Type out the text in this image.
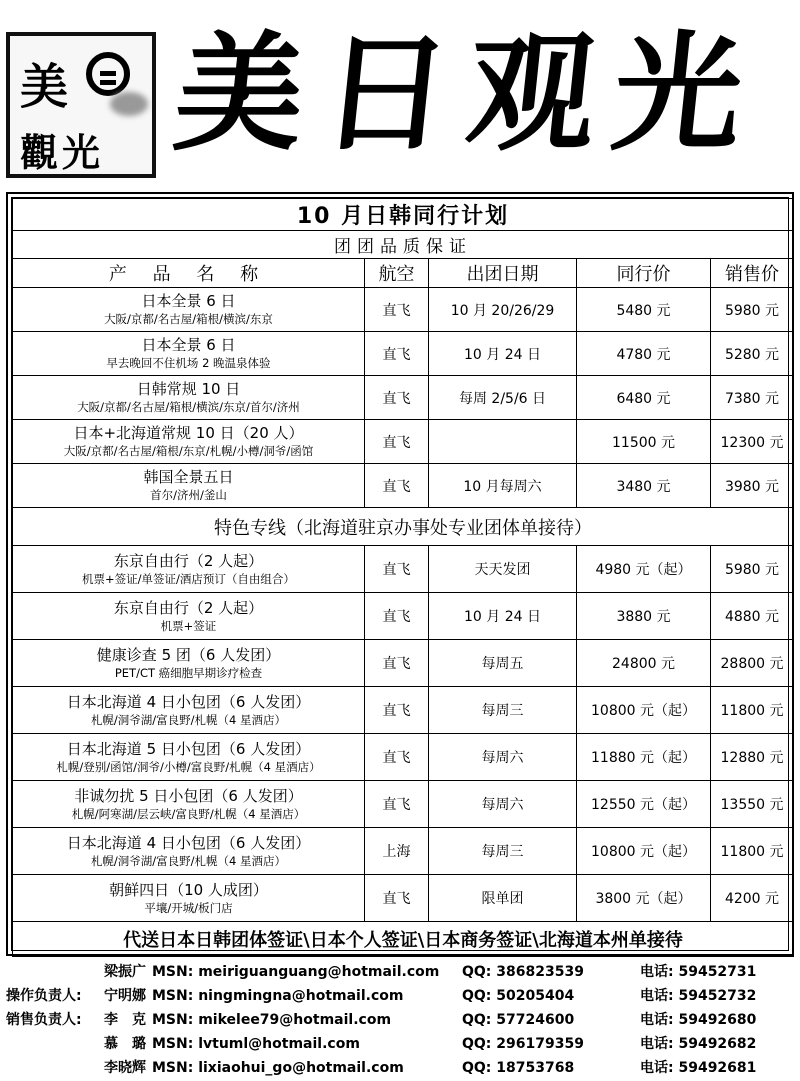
美
觀光 美日观光
10 月日韩同行计划				
团团品质保证				
产 品 名 称	航空	出团日期	同行价	销售价

日本全景 6 日
大阪/京都/名古屋/箱根/横滨/东京	直飞	10 月 20/26/29	5480 元	5980 元

日本全景 6 日
早去晚回不住机场 2 晚温泉体验	直飞	10 月 24 日	4780 元	5280 元

日韩常规 10 日
大阪/京都/名古屋/箱根/横滨/东京/首尔/济州	直飞	每周 2/5/6 日	6480 元	7380 元

日本+北海道常规 10 日（20 人）
大阪/京都/名古屋/箱根/东京/札幌/小樽/洞爷/函馆	直飞		11500 元	12300 元

韩国全景五日
首尔/济州/釜山	直飞	10 月每周六	3480 元	3980 元
特色专线（北海道驻京办事处专业团体单接待）				

东京自由行（2 人起）
机票+签证/单签证/酒店预订（自由组合）	直飞	天天发团	4980 元（起）	5980 元

东京自由行（2 人起）
机票+签证	直飞	10 月 24 日	3880 元	4880 元

健康诊查 5 团（6 人发团）
PET/CT 癌细胞早期诊疗检查	直飞	每周五	24800 元	28800 元

日本北海道 4 日小包团（6 人发团）
札幌/洞爷湖/富良野/札幌（4 星酒店）	直飞	每周三	10800 元（起）	11800 元

日本北海道 5 日小包团（6 人发团）
札幌/登别/函馆/洞爷/小樽/富良野/札幌（4 星酒店）	直飞	每周六	11880 元（起）	12880 元

非诚勿扰 5 日小包团（6 人发团）
札幌/阿寒湖/层云峡/富良野/札幌（4 星酒店）	直飞	每周六	12550 元（起）	13550 元

日本北海道 4 日小包团（6 人发团）
札幌/洞爷湖/富良野/札幌（4 星酒店）	上海	每周三	10800 元（起）	11800 元

朝鲜四日（10 人成团）
平壤/开城/板门店	直飞	限单团	3800 元（起）	4200 元
代送日本日韩团体签证\日本个人签证\日本商务签证\北海道本州单接待				
梁振广 MSN: meiriguanguang@hotmail.com QQ: 386823539	电话: 59452731
操作负责人: 宁明娜 MSN: ningmingna@hotmail.com	QQ: 50205404	电话: 59452732
销售负责人: 李　克 MSN: mikelee79@hotmail.com	QQ: 57724600	电话: 59492680
慕　璐 MSN: lvtuml@hotmail.com	QQ: 296179359	电话: 59492682
李晓辉 MSN: lixiaohui_go@hotmail.com	QQ: 18753768	电话: 59492681
